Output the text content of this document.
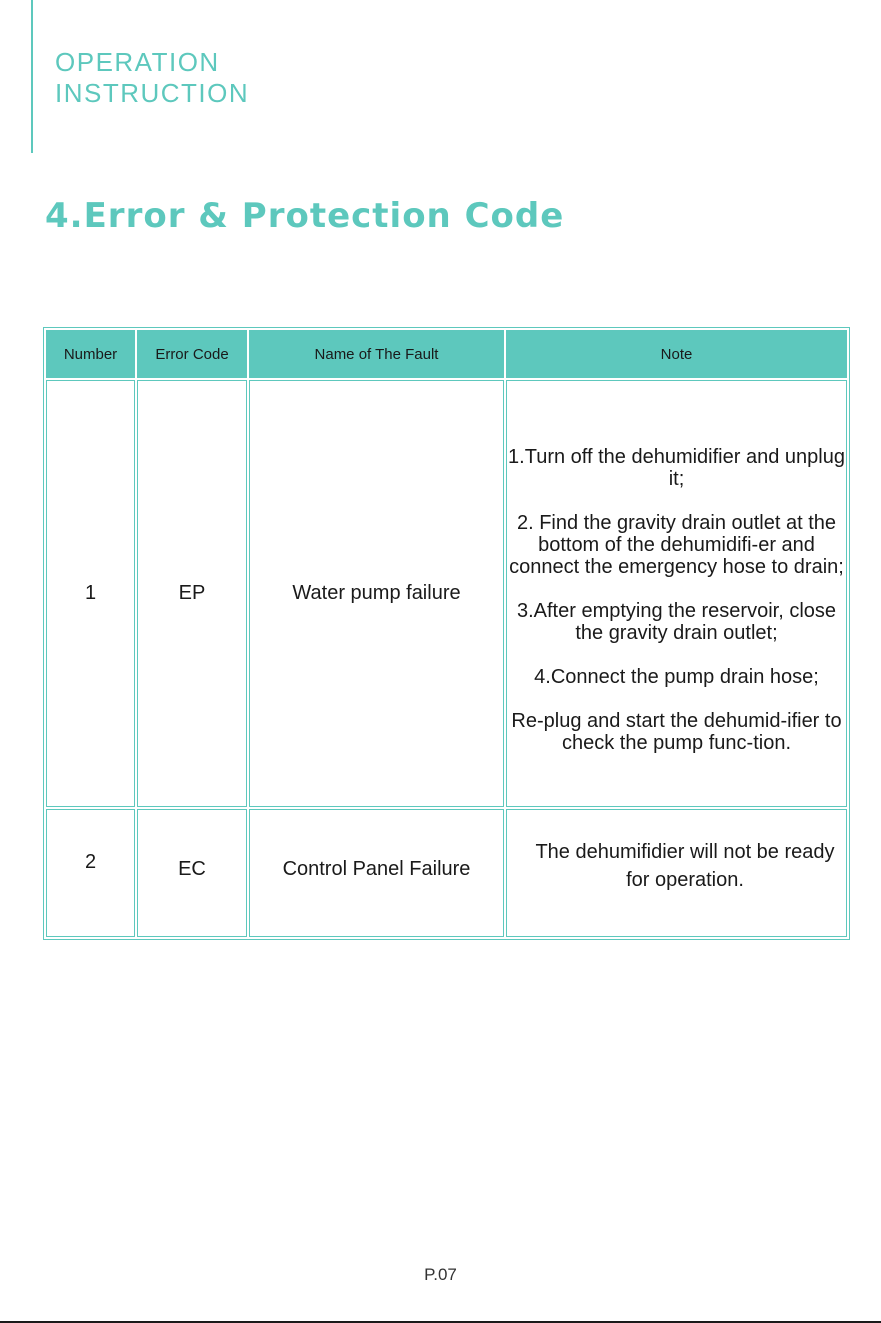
OPERATION
INSTRUCTION
4.Error & Protection Code
Number	Error Code	Name of The Fault	Note
1	EP	Water pump failure	1.Turn off the dehumidifier and unplug it;

2. Find the gravity drain outlet at the bottom of the dehumidifi-er and connect the emergency hose to drain;

3.After emptying the reservoir, close the gravity drain outlet;

4.Connect the pump drain hose;

Re-plug and start the dehumid-ifier to check the pump func-tion.

2	EC	Control Panel Failure	The dehumifidier will not be ready for operation.

P.07
